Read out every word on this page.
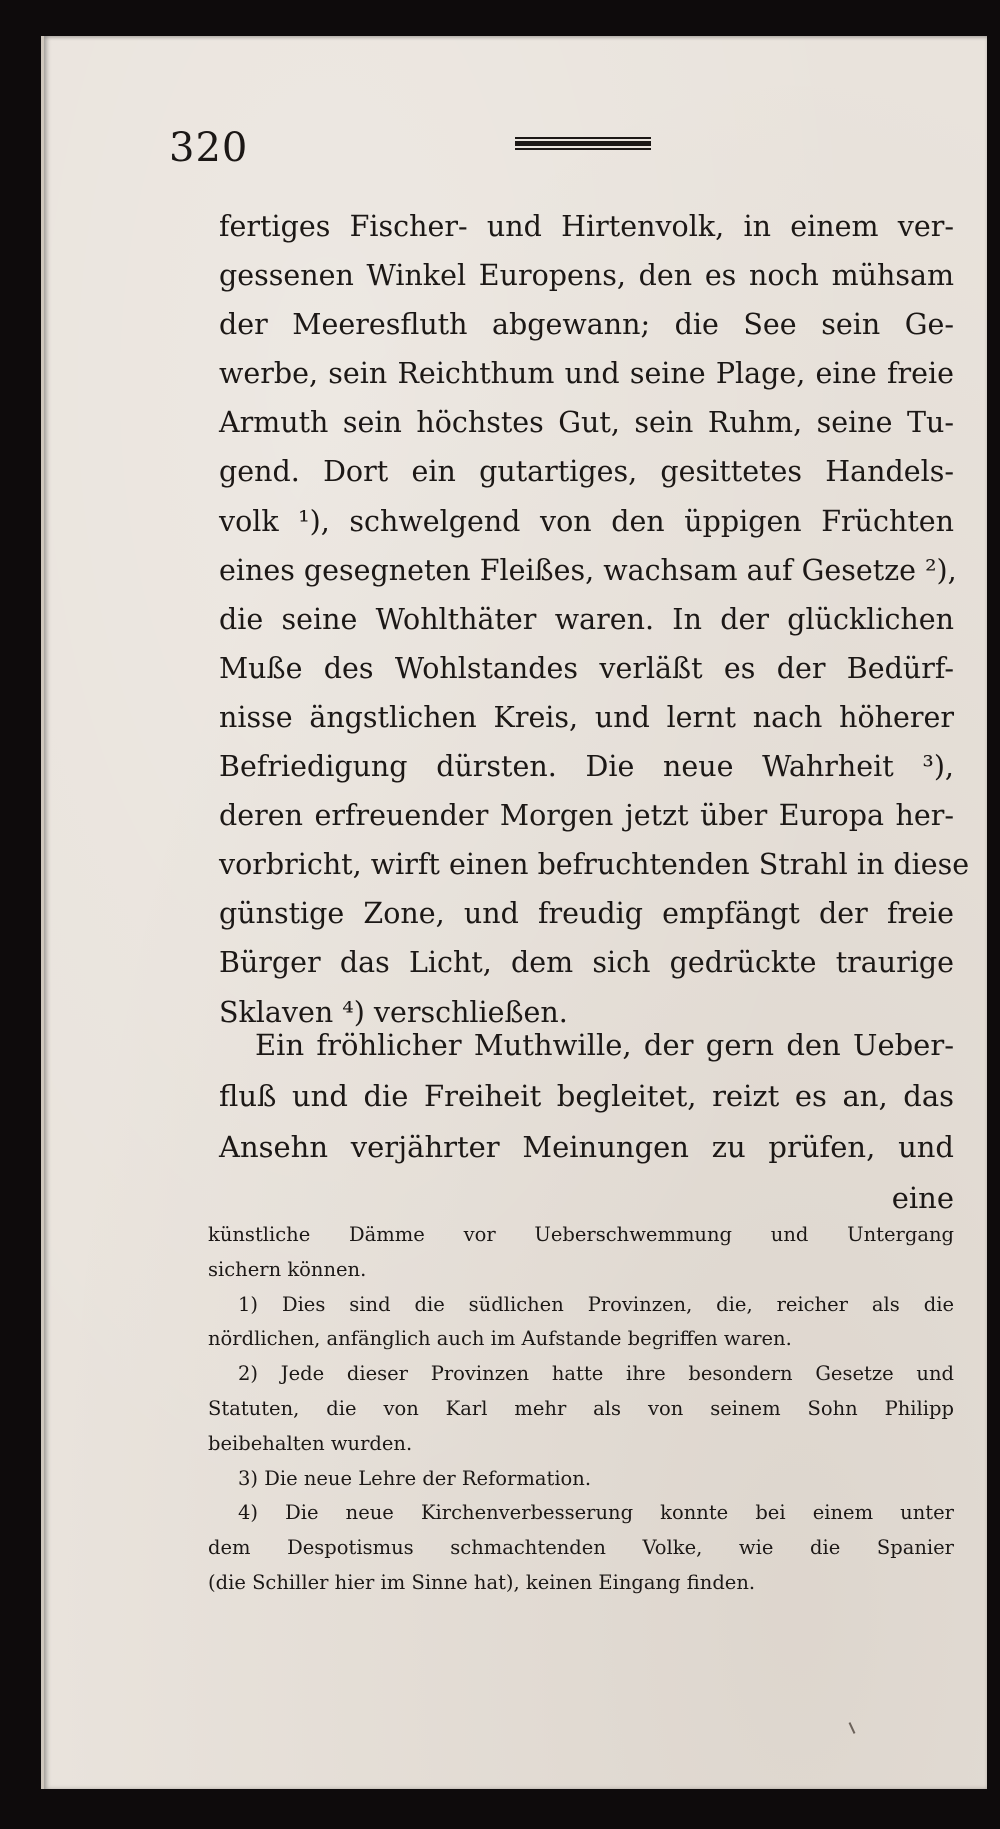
320
fertiges Fischer- und Hirtenvolk, in einem ver-
gessenen Winkel Europens, den es noch mühsam
der Meeresfluth abgewann; die See sein Ge-
werbe, sein Reichthum und seine Plage, eine freie
Armuth sein höchstes Gut, sein Ruhm, seine Tu-
gend. Dort ein gutartiges, gesittetes Handels-
volk ¹), schwelgend von den üppigen Früchten
eines gesegneten Fleißes, wachsam auf Gesetze ²),
die seine Wohlthäter waren. In der glücklichen
Muße des Wohlstandes verläßt es der Bedürf-
nisse ängstlichen Kreis, und lernt nach höherer
Befriedigung dürsten. Die neue Wahrheit ³),
deren erfreuender Morgen jetzt über Europa her-
vorbricht, wirft einen befruchtenden Strahl in diese
günstige Zone, und freudig empfängt der freie
Bürger das Licht, dem sich gedrückte traurige
Sklaven ⁴) verschließen.
Ein fröhlicher Muthwille, der gern den Ueber-
fluß und die Freiheit begleitet, reizt es an, das
Ansehn verjährter Meinungen zu prüfen, und
eine
künstliche Dämme vor Ueberschwemmung und Untergang
sichern können.
1) Dies sind die südlichen Provinzen, die, reicher als die
nördlichen, anfänglich auch im Aufstande begriffen waren.
2) Jede dieser Provinzen hatte ihre besondern Gesetze und
Statuten, die von Karl mehr als von seinem Sohn Philipp
beibehalten wurden.
3) Die neue Lehre der Reformation.
4) Die neue Kirchenverbesserung konnte bei einem unter
dem Despotismus schmachtenden Volke, wie die Spanier
(die Schiller hier im Sinne hat), keinen Eingang finden.
